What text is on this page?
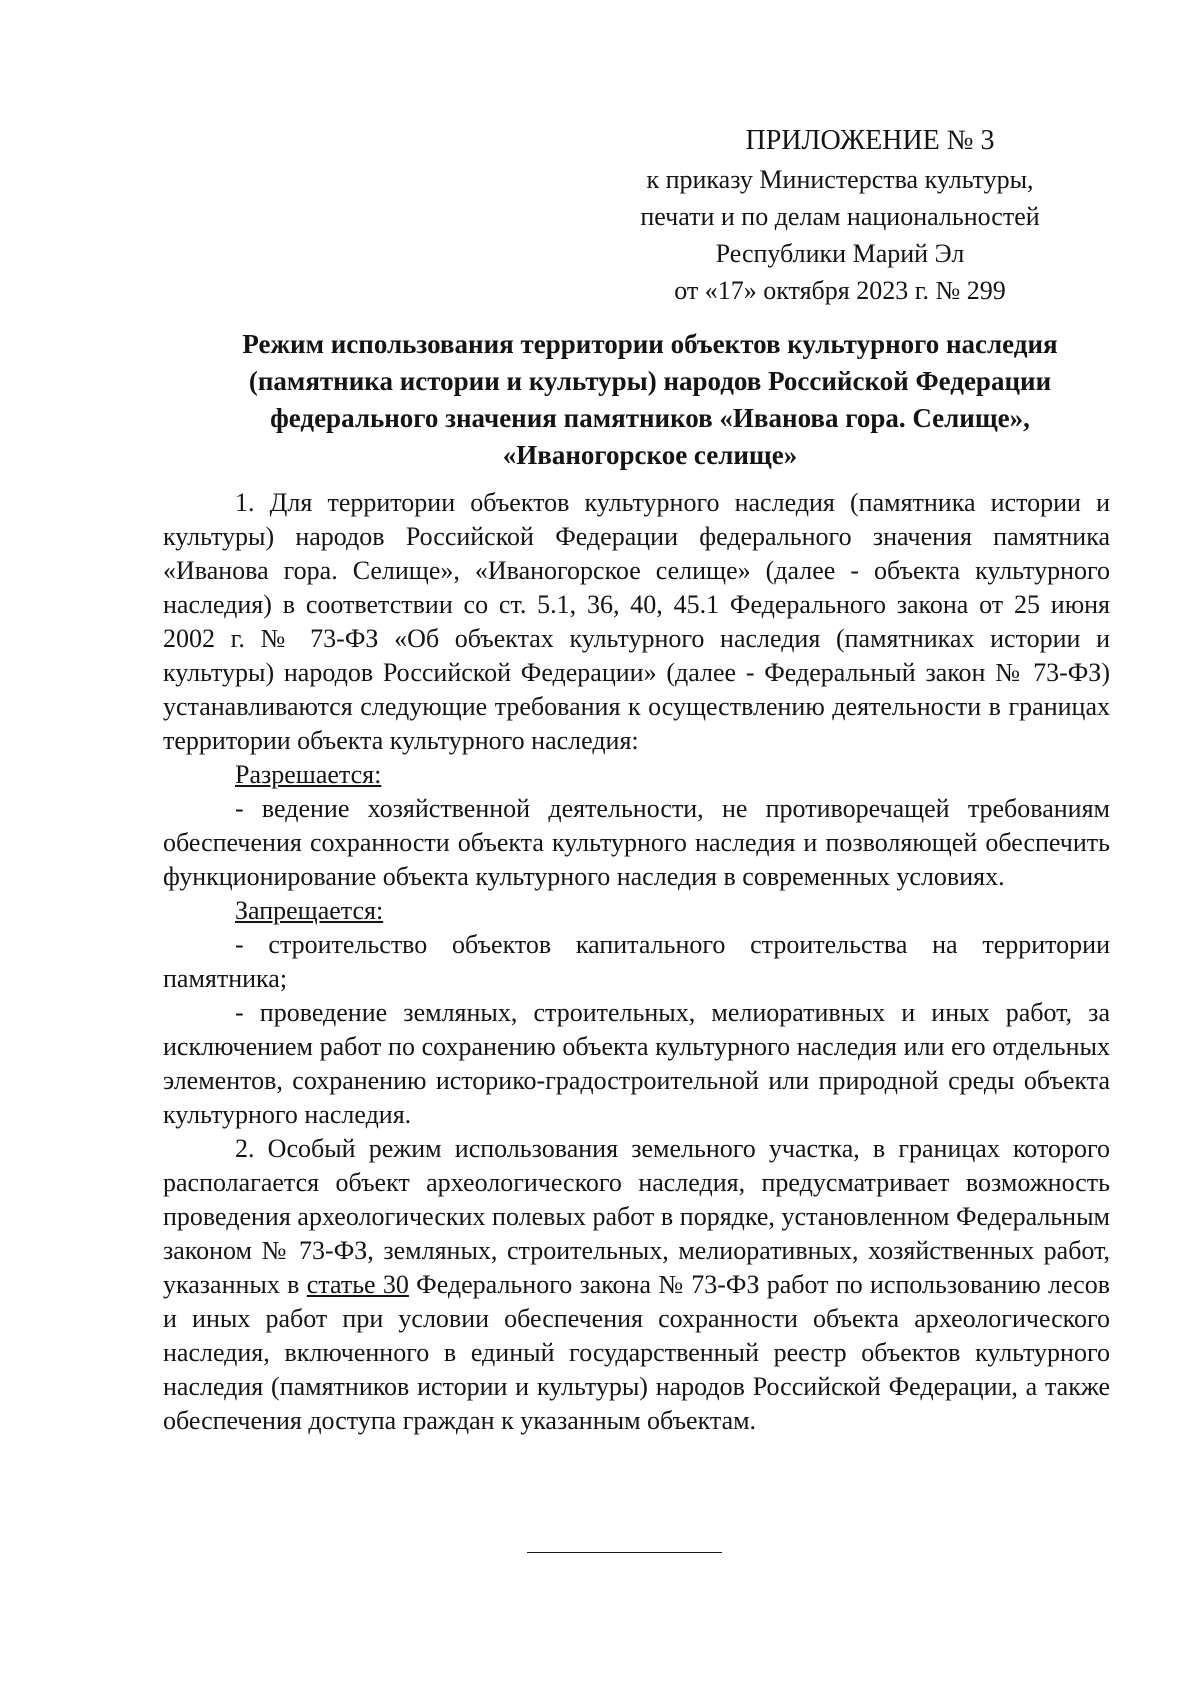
ПРИЛОЖЕНИЕ № 3
к приказу Министерства культуры,
печати и по делам национальностей
Республики Марий Эл
от «17» октября 2023 г. № 299
Режим использования территории объектов культурного наследия
(памятника истории и культуры) народов Российской Федерации
федерального значения памятников «Иванова гора. Селище»,
«Ивaногорское селище»

1. Для территории объектов культурного наследия (памятника истории и культуры) народов Российской Федерации федерального значения памятника «Иванова гора. Селище», «Иваногорское селище» (далее - объекта культурного наследия) в соответствии со ст. 5.1, 36, 40, 45.1 Федерального закона от 25 июня 2002 г. № 73-ФЗ «Об объектах культурного наследия (памятниках истории и культуры) народов Российской Федерации» (далее - Федеральный закон № 73-ФЗ) устанавливаются следующие требования к осуществлению деятельности в границах территории объекта культурного наследия:

Разрешается:

- ведение хозяйственной деятельности, не противоречащей требованиям обеспечения сохранности объекта культурного наследия и позволяющей обеспечить функционирование объекта культурного наследия в современных условиях.

Запрещается:

- строительство объектов капитального строительства на территории памятника;

- проведение земляных, строительных, мелиоративных и иных работ, за исключением работ по сохранению объекта культурного наследия или его отдельных элементов, сохранению историко-градостроительной или природной среды объекта культурного наследия.

2. Особый режим использования земельного участка, в границах которого располагается объект археологического наследия, предусматривает возможность проведения археологических полевых работ в порядке, установленном Федеральным законом № 73-ФЗ, земляных, строительных, мелиоративных, хозяйственных работ, указанных в статье 30 Федерального закона № 73-ФЗ работ по использованию лесов и иных работ при условии обеспечения сохранности объекта археологического наследия, включенного в единый государственный реестр объектов культурного наследия (памятников истории и культуры) народов Российской Федерации, а также обеспечения доступа граждан к указанным объектам.
